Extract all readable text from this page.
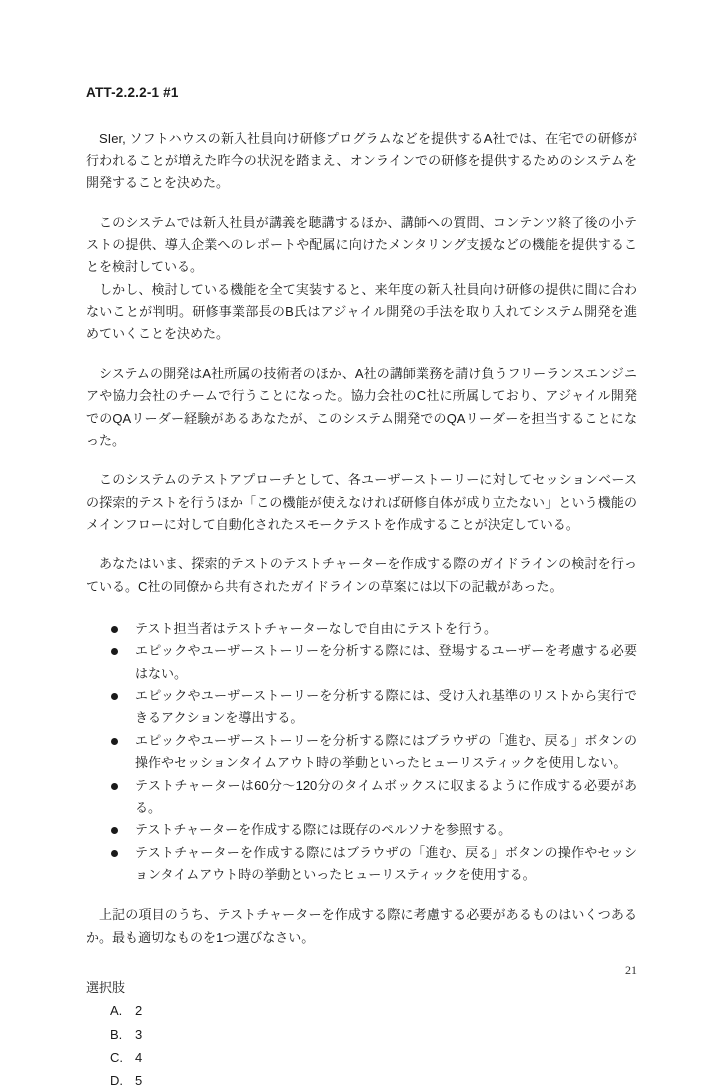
ATT-2.2.2-1 #1

SIer, ソフトハウスの新入社員向け研修プログラムなどを提供するA社では、在宅での研修が行われることが増えた昨今の状況を踏まえ、オンラインでの研修を提供するためのシステムを開発することを決めた。

このシステムでは新入社員が講義を聴講するほか、講師への質問、コンテンツ終了後の小テストの提供、導入企業へのレポートや配属に向けたメンタリング支援などの機能を提供することを検討している。

しかし、検討している機能を全て実装すると、来年度の新入社員向け研修の提供に間に合わないことが判明。研修事業部長のB氏はアジャイル開発の手法を取り入れてシステム開発を進めていくことを決めた。

システムの開発はA社所属の技術者のほか、A社の講師業務を請け負うフリーランスエンジニアや協力会社のチームで行うことになった。協力会社のC社に所属しており、アジャイル開発でのQAリーダー経験があるあなたが、このシステム開発でのQAリーダーを担当することになった。

このシステムのテストアプローチとして、各ユーザーストーリーに対してセッションベースの探索的テストを行うほか「この機能が使えなければ研修自体が成り立たない」という機能のメインフローに対して自動化されたスモークテストを作成することが決定している。

あなたはいま、探索的テストのテストチャーターを作成する際のガイドラインの検討を行っている。C社の同僚から共有されたガイドラインの草案には以下の記載があった。

テスト担当者はテストチャーターなしで自由にテストを行う。
エピックやユーザーストーリーを分析する際には、登場するユーザーを考慮する必要はない。
エピックやユーザーストーリーを分析する際には、受け入れ基準のリストから実行できるアクションを導出する。
エピックやユーザーストーリーを分析する際にはブラウザの「進む、戻る」ボタンの操作やセッションタイムアウト時の挙動といったヒューリスティックを使用しない。
テストチャーターは60分〜120分のタイムボックスに収まるように作成する必要がある。
テストチャーターを作成する際には既存のペルソナを参照する。
テストチャーターを作成する際にはブラウザの「進む、戻る」ボタンの操作やセッションタイムアウト時の挙動といったヒューリスティックを使用する。

上記の項目のうち、テストチャーターを作成する際に考慮する必要があるものはいくつあるか。最も適切なものを1つ選びなさい。

選択肢

A. 2
B. 3
C. 4
D. 5
21
